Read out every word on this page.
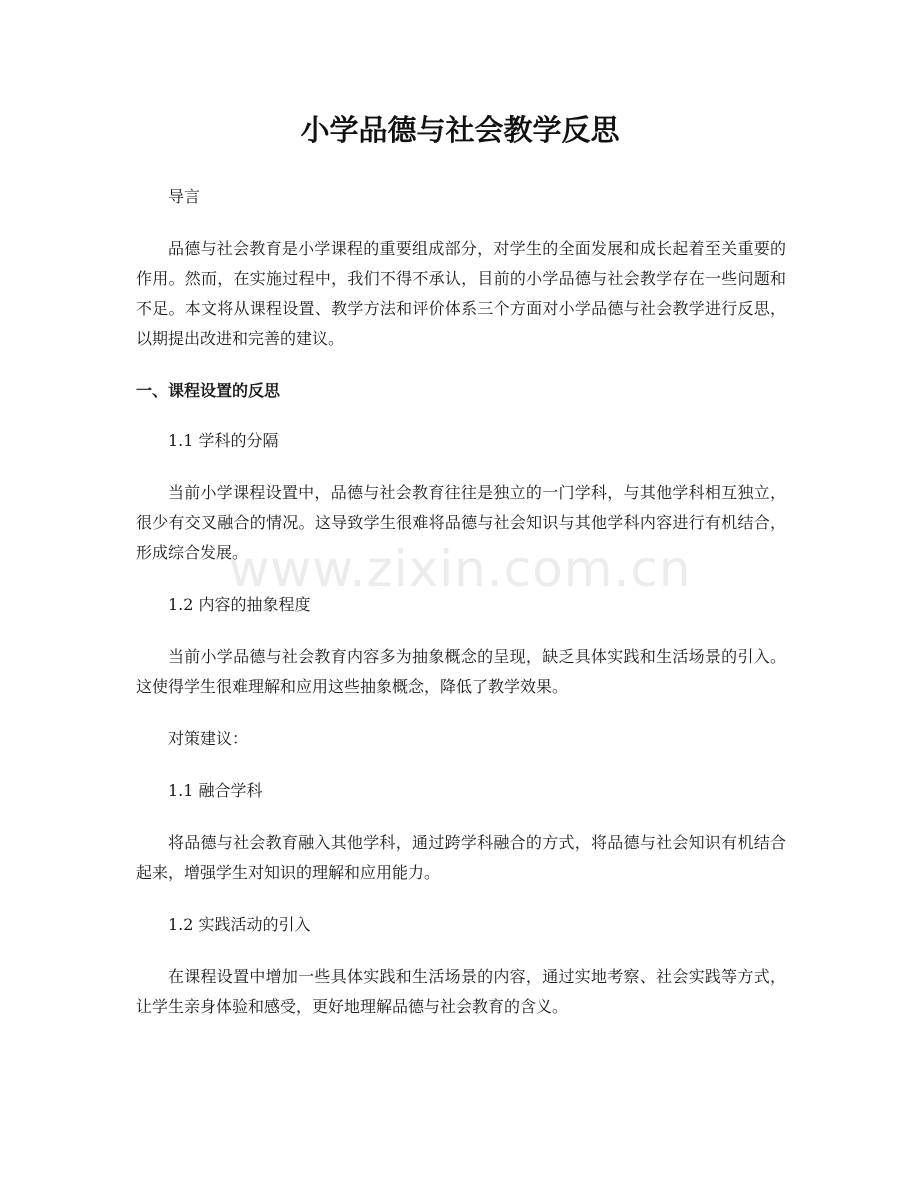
www.zixin.com.cn
小学品德与社会教学反思
导言
品德与社会教育是小学课程的重要组成部分，对学生的全面发展和成长起着至关重要的作用。然而，在实施过程中，我们不得不承认，目前的小学品德与社会教学存在一些问题和不足。本文将从课程设置、教学方法和评价体系三个方面对小学品德与社会教学进行反思，以期提出改进和完善的建议。
一、课程设置的反思
1.1 学科的分隔
当前小学课程设置中，品德与社会教育往往是独立的一门学科，与其他学科相互独立，很少有交叉融合的情况。这导致学生很难将品德与社会知识与其他学科内容进行有机结合，形成综合发展。
1.2 内容的抽象程度
当前小学品德与社会教育内容多为抽象概念的呈现，缺乏具体实践和生活场景的引入。这使得学生很难理解和应用这些抽象概念，降低了教学效果。
对策建议：
1.1 融合学科
将品德与社会教育融入其他学科，通过跨学科融合的方式，将品德与社会知识有机结合起来，增强学生对知识的理解和应用能力。
1.2 实践活动的引入
在课程设置中增加一些具体实践和生活场景的内容，通过实地考察、社会实践等方式，让学生亲身体验和感受，更好地理解品德与社会教育的含义。
